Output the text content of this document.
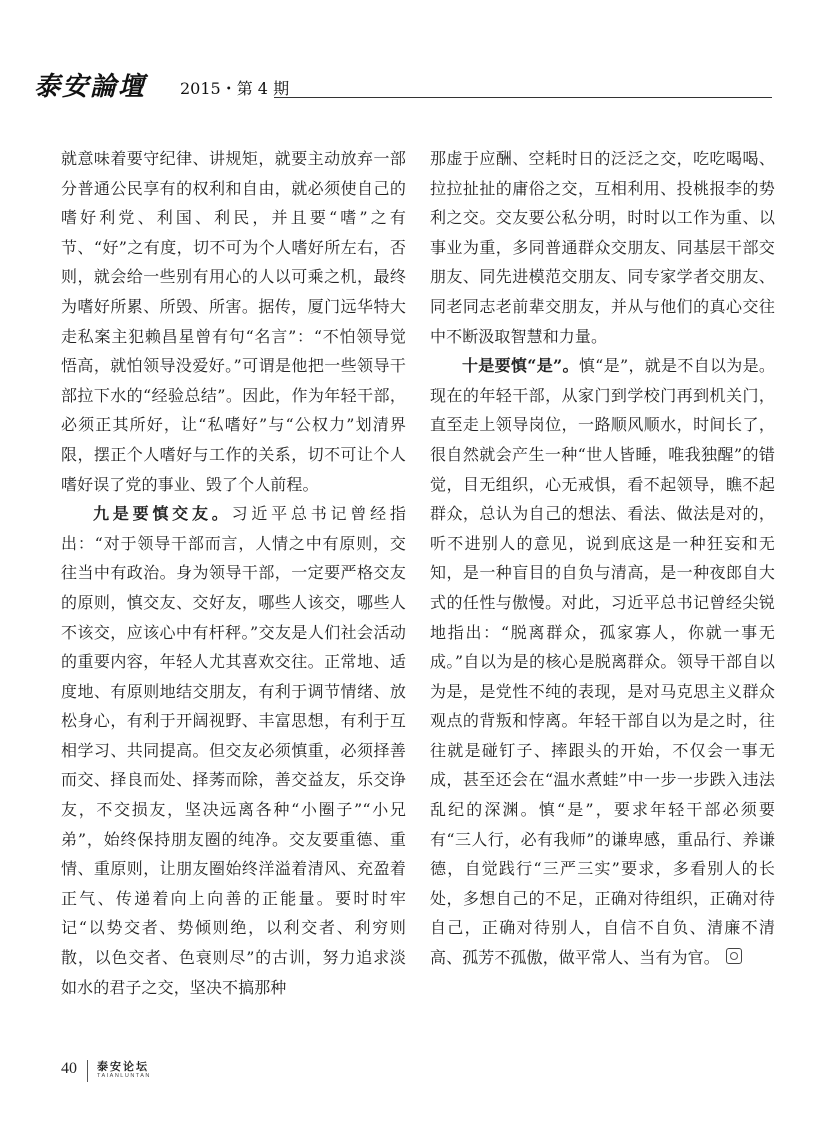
泰安論壇 2015・第 4 期

就意味着要守纪律、讲规矩，就要主动放弃一部分普通公民享有的权利和自由，就必须使自己的嗜好利党、利国、利民，并且要“嗜”之有节、“好”之有度，切不可为个人嗜好所左右，否则，就会给一些别有用心的人以可乘之机，最终为嗜好所累、所毁、所害。据传，厦门远华特大走私案主犯赖昌星曾有句“名言”：“不怕领导觉悟高，就怕领导没爱好。”可谓是他把一些领导干部拉下水的“经验总结”。因此，作为年轻干部，必须正其所好，让“私嗜好”与“公权力”划清界限，摆正个人嗜好与工作的关系，切不可让个人嗜好误了党的事业、毁了个人前程。

九是要慎交友。习近平总书记曾经指出：“对于领导干部而言，人情之中有原则，交往当中有政治。身为领导干部，一定要严格交友的原则，慎交友、交好友，哪些人该交，哪些人不该交，应该心中有杆秤。”交友是人们社会活动的重要内容，年轻人尤其喜欢交往。正常地、适度地、有原则地结交朋友，有利于调节情绪、放松身心，有利于开阔视野、丰富思想，有利于互相学习、共同提高。但交友必须慎重，必须择善而交、择良而处、择莠而除，善交益友，乐交诤友，不交损友，坚决远离各种“小圈子”“小兄弟”，始终保持朋友圈的纯净。交友要重德、重情、重原则，让朋友圈始终洋溢着清风、充盈着正气、传递着向上向善的正能量。要时时牢记“以势交者、势倾则绝，以利交者、利穷则散，以色交者、色衰则尽”的古训，努力追求淡如水的君子之交，坚决不搞那种

那虚于应酬、空耗时日的泛泛之交，吃吃喝喝、拉拉扯扯的庸俗之交，互相利用、投桃报李的势利之交。交友要公私分明，时时以工作为重、以事业为重，多同普通群众交朋友、同基层干部交朋友、同先进模范交朋友、同专家学者交朋友、同老同志老前辈交朋友，并从与他们的真心交往中不断汲取智慧和力量。

十是要慎“是”。慎“是”，就是不自以为是。现在的年轻干部，从家门到学校门再到机关门，直至走上领导岗位，一路顺风顺水，时间长了，很自然就会产生一种“世人皆睡，唯我独醒”的错觉，目无组织，心无戒惧，看不起领导，瞧不起群众，总认为自己的想法、看法、做法是对的，听不进别人的意见，说到底这是一种狂妄和无知，是一种盲目的自负与清高，是一种夜郎自大式的任性与傲慢。对此，习近平总书记曾经尖锐地指出：“脱离群众，孤家寡人，你就一事无成。”自以为是的核心是脱离群众。领导干部自以为是，是党性不纯的表现，是对马克思主义群众观点的背叛和悖离。年轻干部自以为是之时，往往就是碰钉子、摔跟头的开始，不仅会一事无成，甚至还会在“温水煮蛙”中一步一步跌入违法乱纪的深渊。慎“是”，要求年轻干部必须要有“三人行，必有我师”的谦卑感，重品行、养谦德，自觉践行“三严三实”要求，多看别人的长处，多想自己的不足，正确对待组织，正确对待自己，正确对待别人，自信不自负、清廉不清高、孤芳不孤傲，做平常人、当有为官。

40 泰安论坛
TAIANLUNTAN
